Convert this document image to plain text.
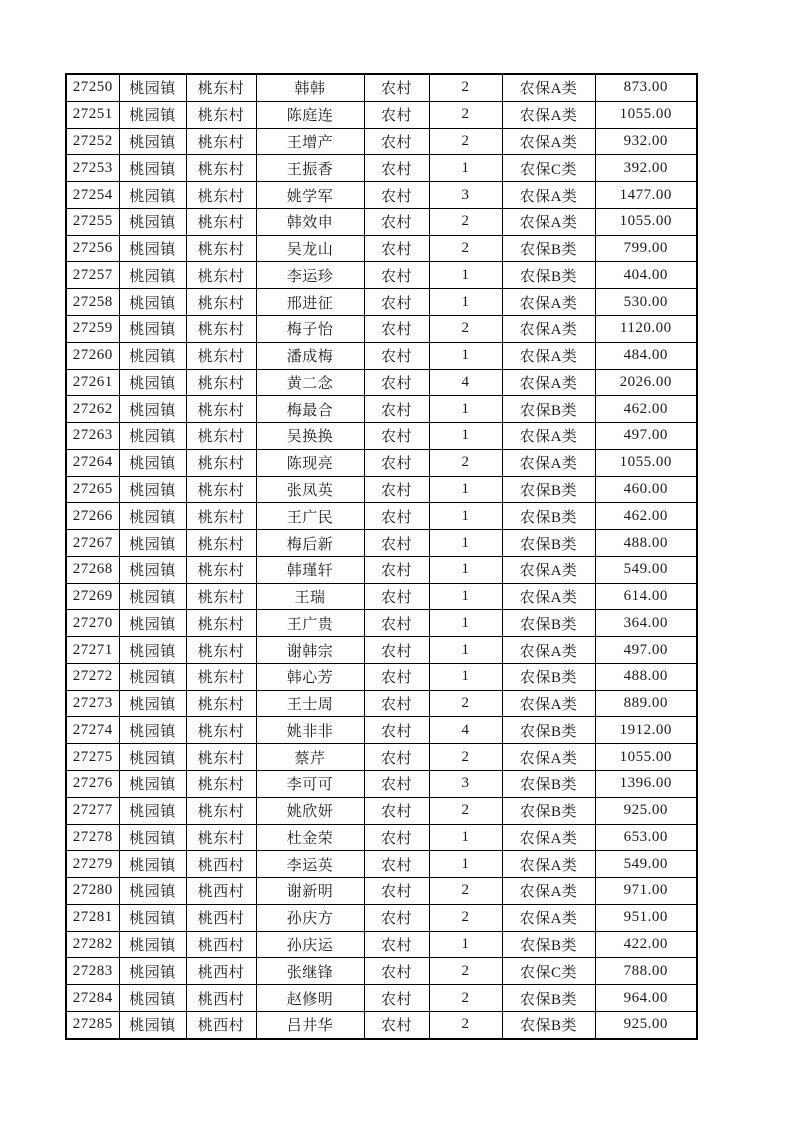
27250	桃园镇	桃东村	韩韩	农村	2	农保A类	873.00
27251	桃园镇	桃东村	陈庭连	农村	2	农保A类	1055.00
27252	桃园镇	桃东村	王增产	农村	2	农保A类	932.00
27253	桃园镇	桃东村	王振香	农村	1	农保C类	392.00
27254	桃园镇	桃东村	姚学军	农村	3	农保A类	1477.00
27255	桃园镇	桃东村	韩效申	农村	2	农保A类	1055.00
27256	桃园镇	桃东村	吴龙山	农村	2	农保B类	799.00
27257	桃园镇	桃东村	李运珍	农村	1	农保B类	404.00
27258	桃园镇	桃东村	邢进征	农村	1	农保A类	530.00
27259	桃园镇	桃东村	梅子怡	农村	2	农保A类	1120.00
27260	桃园镇	桃东村	潘成梅	农村	1	农保A类	484.00
27261	桃园镇	桃东村	黄二念	农村	4	农保A类	2026.00
27262	桃园镇	桃东村	梅最合	农村	1	农保B类	462.00
27263	桃园镇	桃东村	吴换换	农村	1	农保A类	497.00
27264	桃园镇	桃东村	陈现亮	农村	2	农保A类	1055.00
27265	桃园镇	桃东村	张凤英	农村	1	农保B类	460.00
27266	桃园镇	桃东村	王广民	农村	1	农保B类	462.00
27267	桃园镇	桃东村	梅后新	农村	1	农保B类	488.00
27268	桃园镇	桃东村	韩瑾轩	农村	1	农保A类	549.00
27269	桃园镇	桃东村	王瑞	农村	1	农保A类	614.00
27270	桃园镇	桃东村	王广贵	农村	1	农保B类	364.00
27271	桃园镇	桃东村	谢韩宗	农村	1	农保A类	497.00
27272	桃园镇	桃东村	韩心芳	农村	1	农保B类	488.00
27273	桃园镇	桃东村	王士周	农村	2	农保A类	889.00
27274	桃园镇	桃东村	姚非非	农村	4	农保B类	1912.00
27275	桃园镇	桃东村	蔡芹	农村	2	农保A类	1055.00
27276	桃园镇	桃东村	李可可	农村	3	农保B类	1396.00
27277	桃园镇	桃东村	姚欣妍	农村	2	农保B类	925.00
27278	桃园镇	桃东村	杜金荣	农村	1	农保A类	653.00
27279	桃园镇	桃西村	李运英	农村	1	农保A类	549.00
27280	桃园镇	桃西村	谢新明	农村	2	农保A类	971.00
27281	桃园镇	桃西村	孙庆方	农村	2	农保A类	951.00
27282	桃园镇	桃西村	孙庆运	农村	1	农保B类	422.00
27283	桃园镇	桃西村	张继锋	农村	2	农保C类	788.00
27284	桃园镇	桃西村	赵修明	农村	2	农保B类	964.00
27285	桃园镇	桃西村	吕井华	农村	2	农保B类	925.00
